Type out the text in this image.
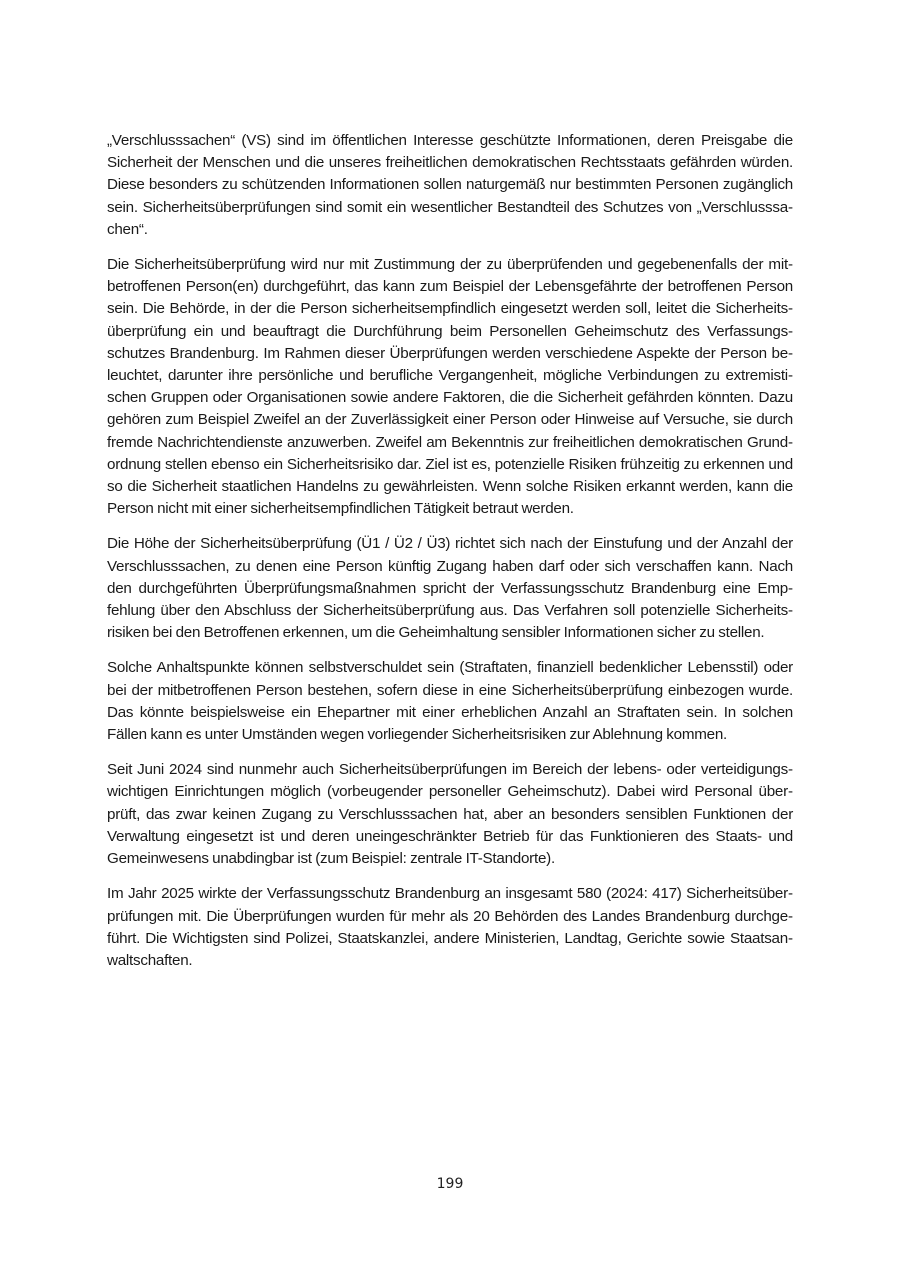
„Verschlusssachen“ (VS) sind im öffentlichen Interesse geschützte Informationen, deren Preisgabe die Sicherheit der Menschen und die unseres freiheitlichen demokratischen Rechtsstaats gefährden würden. Diese besonders zu schützenden Informationen sollen naturgemäß nur bestimmten Personen zugänglich sein. Sicherheitsüberprüfungen sind somit ein wesentlicher Bestandteil des Schutzes von „Verschlusssachen“.

Die Sicherheitsüberprüfung wird nur mit Zustimmung der zu überprüfenden und gegebenenfalls der mitbetroffenen Person(en) durchgeführt, das kann zum Beispiel der Lebensgefährte der betroffenen Person sein. Die Behörde, in der die Person sicherheitsempfindlich eingesetzt werden soll, leitet die Sicherheitsüberprüfung ein und beauftragt die Durchführung beim Personellen Geheimschutz des Verfassungsschutzes Brandenburg. Im Rahmen dieser Überprüfungen werden verschiedene Aspekte der Person beleuchtet, darunter ihre persönliche und berufliche Vergangenheit, mögliche Verbindungen zu extremistischen Gruppen oder Organisationen sowie andere Faktoren, die die Sicherheit gefährden könnten. Dazu gehören zum Beispiel Zweifel an der Zuverlässigkeit einer Person oder Hinweise auf Versuche, sie durch fremde Nachrichtendienste anzuwerben. Zweifel am Bekenntnis zur freiheitlichen demokratischen Grundordnung stellen ebenso ein Sicherheitsrisiko dar. Ziel ist es, potenzielle Risiken frühzeitig zu erkennen und so die Sicherheit staatlichen Handelns zu gewährleisten. Wenn solche Risiken erkannt werden, kann die Person nicht mit einer sicherheitsempfindlichen Tätigkeit betraut werden.

Die Höhe der Sicherheitsüberprüfung (Ü1 / Ü2 / Ü3) richtet sich nach der Einstufung und der Anzahl der Verschlusssachen, zu denen eine Person künftig Zugang haben darf oder sich verschaffen kann. Nach den durchgeführten Überprüfungsmaßnahmen spricht der Verfassungsschutz Brandenburg eine Empfehlung über den Abschluss der Sicherheitsüberprüfung aus. Das Verfahren soll potenzielle Sicherheitsrisiken bei den Betroffenen erkennen, um die Geheimhaltung sensibler Informationen sicher zu stellen.

Solche Anhaltspunkte können selbstverschuldet sein (Straftaten, finanziell bedenklicher Lebensstil) oder bei der mitbetroffenen Person bestehen, sofern diese in eine Sicherheitsüberprüfung einbezogen wurde. Das könnte beispielsweise ein Ehepartner mit einer erheblichen Anzahl an Straftaten sein. In solchen Fällen kann es unter Umständen wegen vorliegender Sicherheitsrisiken zur Ablehnung kommen.

Seit Juni 2024 sind nunmehr auch Sicherheitsüberprüfungen im Bereich der lebens- oder verteidigungswichtigen Einrichtungen möglich (vorbeugender personeller Geheimschutz). Dabei wird Personal überprüft, das zwar keinen Zugang zu Verschlusssachen hat, aber an besonders sensiblen Funktionen der Verwaltung eingesetzt ist und deren uneingeschränkter Betrieb für das Funktionieren des Staats- und Gemeinwesens unabdingbar ist (zum Beispiel: zentrale IT-Standorte).

Im Jahr 2025 wirkte der Verfassungsschutz Brandenburg an insgesamt 580 (2024: 417) Sicherheitsüberprüfungen mit. Die Überprüfungen wurden für mehr als 20 Behörden des Landes Brandenburg durchgeführt. Die Wichtigsten sind Polizei, Staatskanzlei, andere Ministerien, Landtag, Gerichte sowie Staatsanwaltschaften.

199
